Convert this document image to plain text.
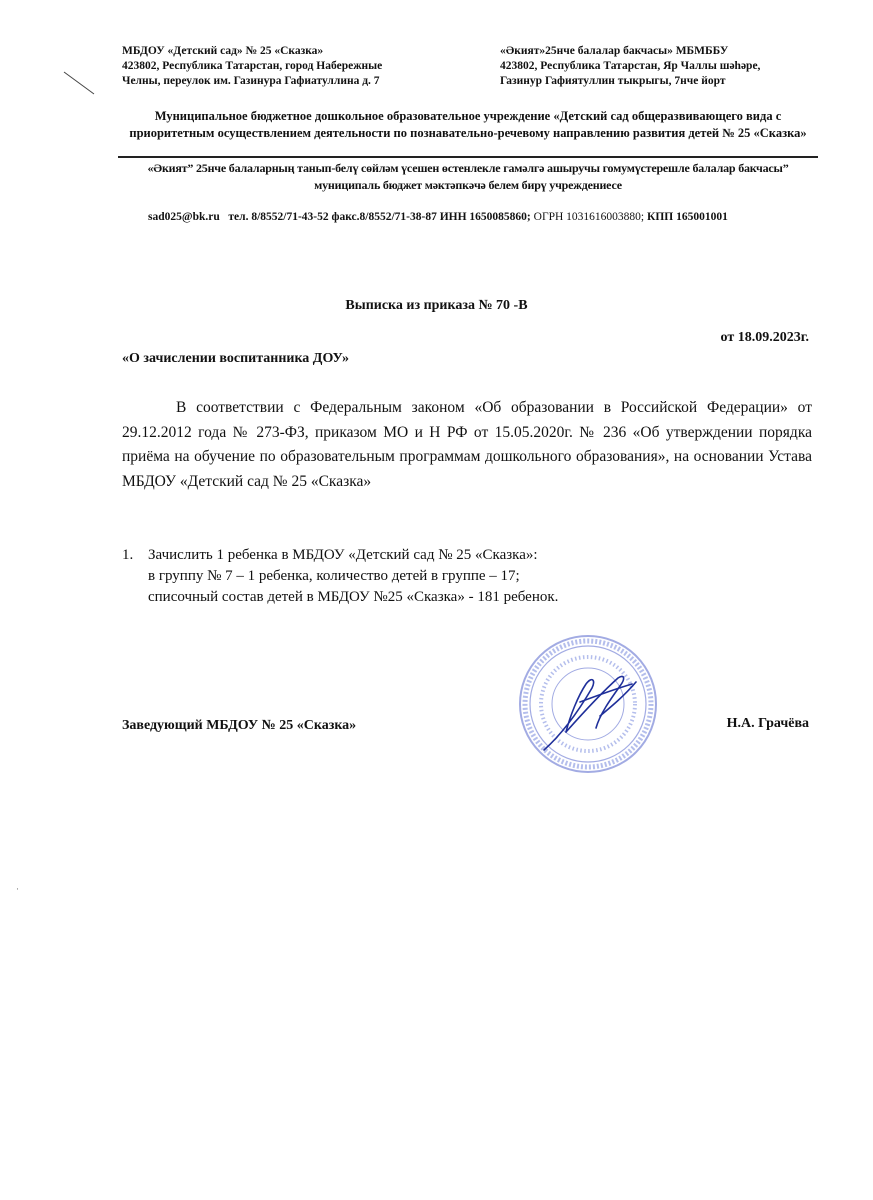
МБДОУ «Детский сад» № 25 «Сказка»
423802, Республика Татарстан, город Набережные
Челны, переулок им. Газинура Гафиатуллина д. 7
«Әкият»25нче балалар бакчасы» МБМББУ
423802, Республика Татарстан, Яр Чаллы шәһәре,
Газинур Гафиятуллин тыкрыгы, 7нче йорт
Муниципальное бюджетное дошкольное образовательное учреждение «Детский сад общеразвивающего вида с приоритетным осуществлением деятельности по познавательно-речевому направлению развития детей № 25 «Сказка»
«Әкият” 25нче балаларның танып-белү сөйләм үсешен өстенлекле гамәлгә ашыручы гомумүстерешле балалар бакчасы” муниципаль бюджет мәктәпкәчә белем бирү учреждениесе
sad025@bk.ru тел. 8/8552/71-43-52 факс.8/8552/71-38-87 ИНН 1650085860; ОГРН 1031616003880; КПП 165001001
Выписка из приказа № 70 -В
от 18.09.2023г.
«О зачислении воспитанника ДОУ»
В соответствии с Федеральным законом «Об образовании в Российской Федерации» от 29.12.2012 года № 273-ФЗ, приказом МО и Н РФ от 15.05.2020г. № 236 «Об утверждении порядка приёма на обучение по образовательным программам дошкольного образования», на основании Устава МБДОУ «Детский сад № 25 «Сказка»
1. Зачислить 1 ребенка в МБДОУ «Детский сад № 25 «Сказка»:
в группу № 7 – 1 ребенка, количество детей в группе – 17;
списочный состав детей в МБДОУ №25 «Сказка» - 181 ребенок.
Заведующий МБДОУ № 25 «Сказка»	Н.А. Грачёва
·
